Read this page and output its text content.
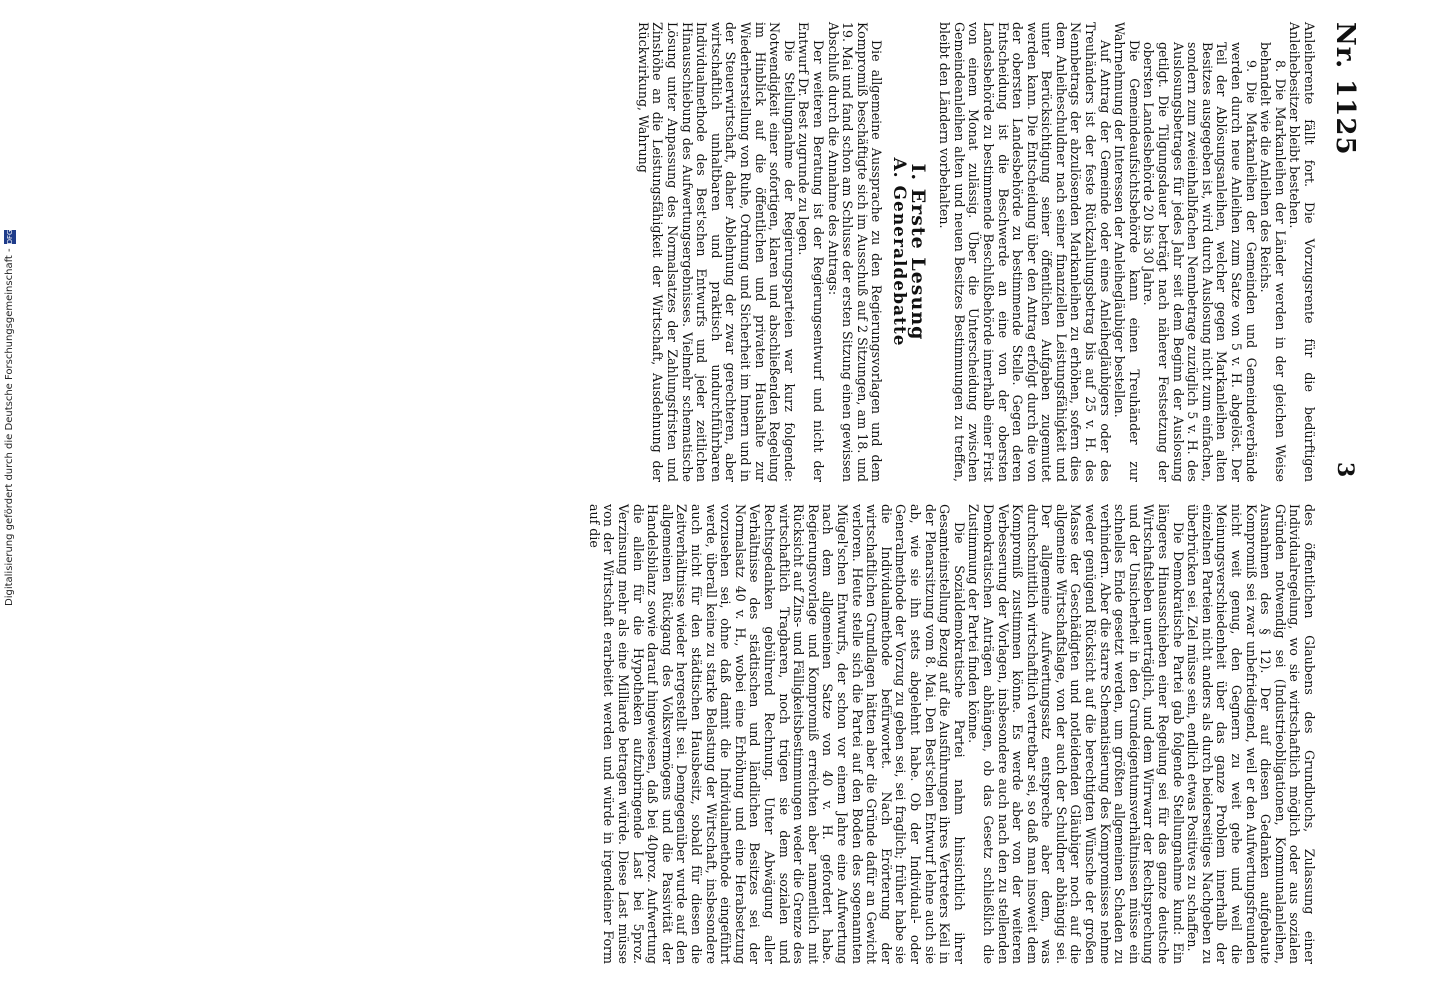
Nr. 1125
3

Anleiherente fällt fort. Die Vorzugsrente für die bedürftigen Anleihebesitzer bleibt bestehen.

8. Die Markanleihen der Länder werden in der gleichen Weise behandelt wie die Anleihen des Reichs.

9. Die Markanleihen der Gemeinden und Gemeindeverbände werden durch neue Anleihen zum Satze von 5 v. H. abgelöst. Der Teil der Ablösungsanleihen, welcher gegen Markanleihen alten Besitzes ausgegeben ist, wird durch Auslosung nicht zum einfachen, sondern zum zweieinhalbfachen Nennbetrage zuzüglich 5 v. H. des Auslosungsbetrages für jedes Jahr seit dem Beginn der Auslosung getilgt. Die Tilgungsdauer beträgt nach näherer Festsetzung der obersten Landesbehörde 20 bis 30 Jahre.

Die Gemeindeaufsichtsbehörde kann einen Treuhänder zur Wahrnehmung der Interessen der Anleihegläubiger bestellen.

Auf Antrag der Gemeinde oder eines Anleihegläubigers oder des Treuhänders ist der feste Rückzahlungsbetrag bis auf 25 v. H. des Nennbetrags der abzulösenden Markanleihen zu erhöhen, sofern dies dem Anleiheschuldner nach seiner finanziellen Leistungsfähigkeit und unter Berücksichtigung seiner öffentlichen Aufgaben zugemutet werden kann. Die Entscheidung über den Antrag erfolgt durch die von der obersten Landesbehörde zu bestimmende Stelle. Gegen deren Entscheidung ist die Beschwerde an eine von der obersten Landesbehörde zu bestimmende Beschlußbehörde innerhalb einer Frist von einem Monat zulässig. Über die Unterscheidung zwischen Gemeindeanleihen alten und neuen Besitzes Bestimmungen zu treffen, bleibt den Ländern vorbehalten.

I. Erste Lesung
A. Generaldebatte

Die allgemeine Aussprache zu den Regierungsvorlagen und dem Kompromiß beschäftigte sich im Ausschuß auf 2 Sitzungen, am 18. und 19. Mai und fand schon am Schlusse der ersten Sitzung einen gewissen Abschluß durch die Annahme des Antrags:

Der weiteren Beratung ist der Regierungsentwurf und nicht der Entwurf Dr. Best zugrunde zu legen.

Die Stellungnahme der Regierungsparteien war kurz folgende: Notwendigkeit einer sofortigen, klaren und abschließenden Regelung im Hinblick auf die öffentlichen und privaten Haushalte zur Wiederherstellung von Ruhe, Ordnung und Sicherheit im Innern und in der Steuerwirtschaft, daher Ablehnung der zwar gerechteren, aber wirtschaftlich unhaltbaren und praktisch undurchführbaren Individualmethode des Best'schen Entwurfs und jeder zeitlichen Hinausschiebung des Aufwertungsergebnisses. Vielmehr schematische Lösung unter Anpassung des Normalsatzes der Zahlungsfristen und Zinshöhe an die Leistungsfähigkeit der Wirtschaft, Ausdehnung der Rückwirkung, Wahrung

des öffentlichen Glaubens des Grundbuchs, Zulassung einer Individualregelung, wo sie wirtschaftlich möglich oder aus sozialen Gründen notwendig sei (Industrieobligationen, Kommunalanleihen, Ausnahmen des § 12). Der auf diesen Gedanken aufgebaute Kompromiß sei zwar unbefriedigend, weil er den Aufwertungsfreunden nicht weit genug, den Gegnern zu weit gehe und weil die Meinungsverschiedenheit über das ganze Problem innerhalb der einzelnen Parteien nicht anders als durch beiderseitiges Nachgeben zu überbrücken sei. Ziel müsse sein, endlich etwas Positives zu schaffen.

Die Demokratische Partei gab folgende Stellungnahme kund: Ein längeres Hinausschieben einer Regelung sei für das ganze deutsche Wirtschaftsleben unerträglich, und dem Wirrwarr der Rechtsprechung und der Unsicherheit in den Grundeigentumsverhältnissen müsse ein schnelles Ende gesetzt werden, um größten allgemeinen Schaden zu verhindern. Aber die starre Schematisierung des Kompromisses nehme weder genügend Rücksicht auf die berechtigten Wünsche der großen Masse der Geschädigten und notleidenden Gläubiger noch auf die allgemeine Wirtschaftslage, von der auch der Schuldner abhängig sei. Der allgemeine Aufwertungssatz entspreche aber dem, was durchschnittlich wirtschaftlich vertretbar sei, so daß man insoweit dem Kompromiß zustimmen könne. Es werde aber von der weiteren Verbesserung der Vorlagen, insbesondere auch nach den zu stellenden Demokratischen Anträgen abhängen, ob das Gesetz schließlich die Zustimmung der Partei finden könne.

Die Sozialdemokratische Partei nahm hinsichtlich ihrer Gesamteinstellung Bezug auf die Ausführungen ihres Vertreters Keil in der Plenarsitzung vom 8. Mai. Den Best'schen Entwurf lehne auch sie ab, wie sie ihn stets abgelehnt habe. Ob der Individual- oder Generalmethode der Vorzug zu geben sei, sei fraglich; früher habe sie die Individualmethode befürwortet. Nach Erörterung der wirtschaftlichen Grundlagen hätten aber die Gründe dafür an Gewicht verloren. Heute stelle sich die Partei auf den Boden des sogenannten Mügel'schen Entwurfs, der schon vor einem Jahre eine Aufwertung nach dem allgemeinen Satze von 40 v. H. gefordert habe. Regierungsvorlage und Kompromiß erreichten aber namentlich mit Rücksicht auf Zins- und Fälligkeitsbestimmungen weder die Grenze des wirtschaftlich Tragbaren, noch trügen sie dem sozialen und Rechtsgedanken gebührend Rechnung. Unter Abwägung aller Verhältnisse des städtischen und ländlichen Besitzes sei der Normalsatz 40 v. H., wobei eine Erhöhung und eine Herabsetzung vorzusehen sei, ohne daß damit die Individualmethode eingeführt werde, überall keine zu starke Belastung der Wirtschaft, insbesondere auch nicht für den städtischen Hausbesitz, sobald für diesen die Zeitverhältnisse wieder hergestellt sei. Demgegenüber wurde auf den allgemeinen Rückgang des Volksvermögens und die Passivität der Handelsbilanz sowie darauf hingewiesen, daß bei 40proz. Aufwertung die allein für die Hypotheken aufzubringende Last bei 5proz. Verzinsung mehr als eine Milliarde betragen würde. Diese Last müsse von der Wirtschaft erarbeitet werden und würde in irgendeiner Form auf die

Digitalisierung gefördert durch die Deutsche Forschungsgemeinschaft -DFG
